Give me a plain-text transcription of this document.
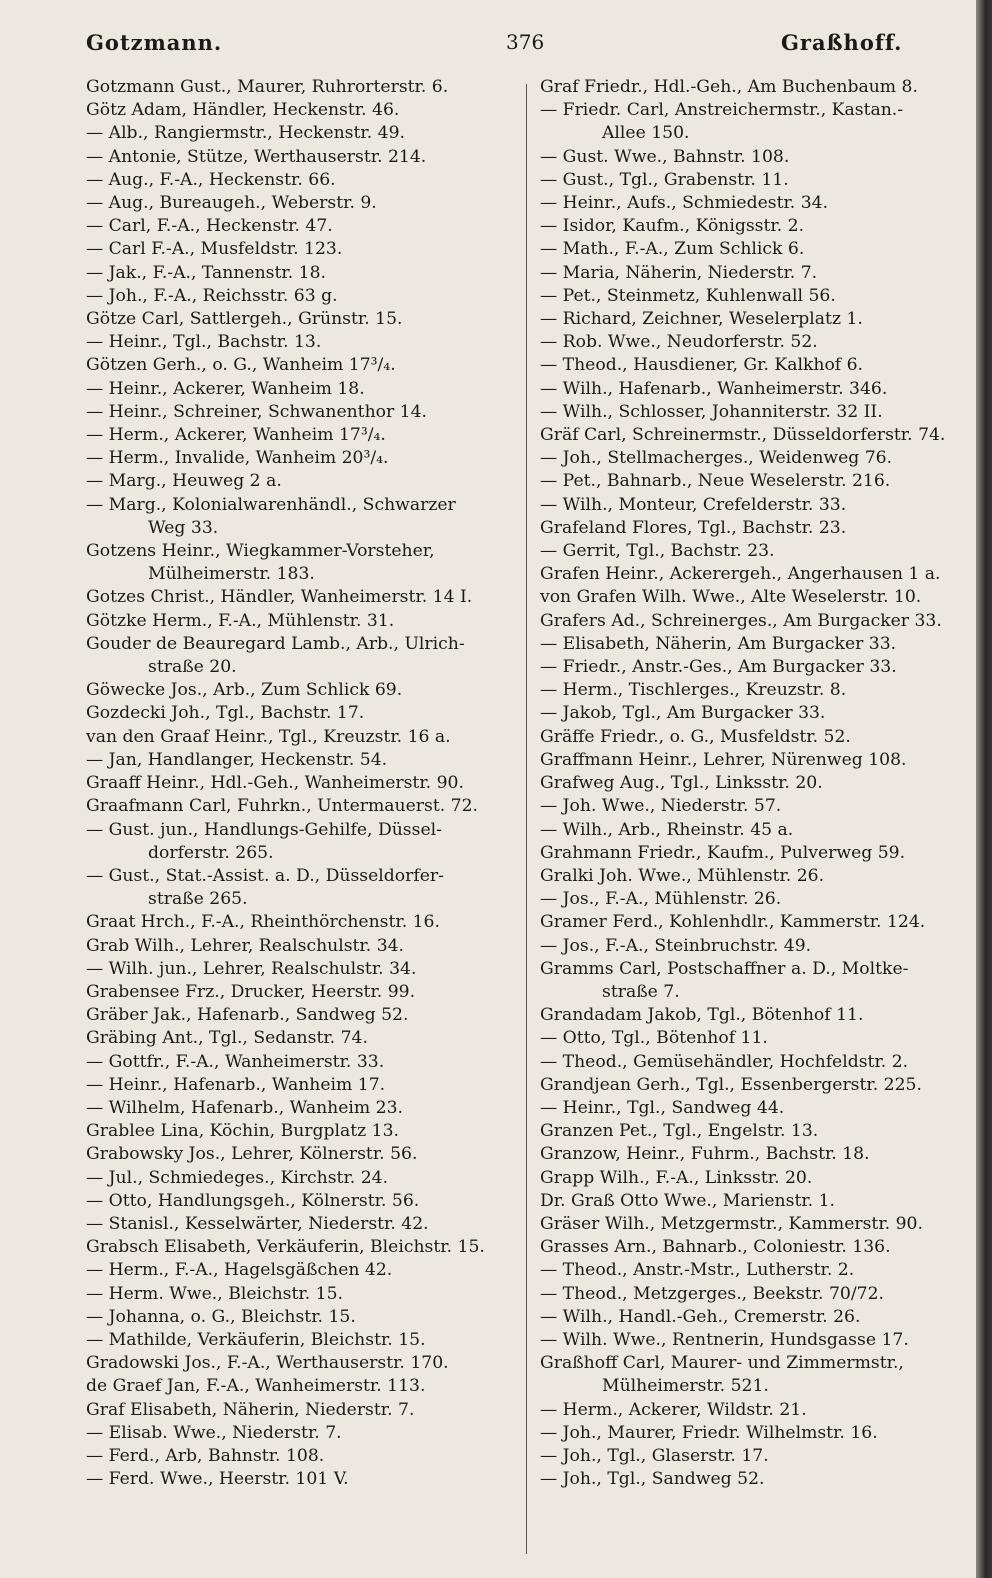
Gotzmann.	376	Graßhoff.
Gotzmann Gust., Maurer, Ruhrorterstr. 6.
Götz Adam, Händler, Heckenstr. 46.
— Alb., Rangiermstr., Heckenstr. 49.
— Antonie, Stütze, Werthauserstr. 214.
— Aug., F.-A., Heckenstr. 66.
— Aug., Bureaugeh., Weberstr. 9.
— Carl, F.-A., Heckenstr. 47.
— Carl F.-A., Musfeldstr. 123.
— Jak., F.-A., Tannenstr. 18.
— Joh., F.-A., Reichsstr. 63 g.
Götze Carl, Sattlergeh., Grünstr. 15.
— Heinr., Tgl., Bachstr. 13.
Götzen Gerh., o. G., Wanheim 17³/₄.
— Heinr., Ackerer, Wanheim 18.
— Heinr., Schreiner, Schwanenthor 14.
— Herm., Ackerer, Wanheim 17³/₄.
— Herm., Invalide, Wanheim 20³/₄.
— Marg., Heuweg 2 a.
— Marg., Kolonialwarenhändl., Schwarzer
Weg 33.
Gotzens Heinr., Wiegkammer-Vorsteher,
Mülheimerstr. 183.
Gotzes Christ., Händler, Wanheimerstr. 14 I.
Götzke Herm., F.-A., Mühlenstr. 31.
Gouder de Beauregard Lamb., Arb., Ulrich-
straße 20.
Göwecke Jos., Arb., Zum Schlick 69.
Gozdecki Joh., Tgl., Bachstr. 17.
van den Graaf Heinr., Tgl., Kreuzstr. 16 a.
— Jan, Handlanger, Heckenstr. 54.
Graaff Heinr., Hdl.-Geh., Wanheimerstr. 90.
Graafmann Carl, Fuhrkn., Untermauerst. 72.
— Gust. jun., Handlungs-Gehilfe, Düssel-
dorferstr. 265.
— Gust., Stat.-Assist. a. D., Düsseldorfer-
straße 265.
Graat Hrch., F.-A., Rheinthörchenstr. 16.
Grab Wilh., Lehrer, Realschulstr. 34.
— Wilh. jun., Lehrer, Realschulstr. 34.
Grabensee Frz., Drucker, Heerstr. 99.
Gräber Jak., Hafenarb., Sandweg 52.
Gräbing Ant., Tgl., Sedanstr. 74.
— Gottfr., F.-A., Wanheimerstr. 33.
— Heinr., Hafenarb., Wanheim 17.
— Wilhelm, Hafenarb., Wanheim 23.
Grablee Lina, Köchin, Burgplatz 13.
Grabowsky Jos., Lehrer, Kölnerstr. 56.
— Jul., Schmiedeges., Kirchstr. 24.
— Otto, Handlungsgeh., Kölnerstr. 56.
— Stanisl., Kesselwärter, Niederstr. 42.
Grabsch Elisabeth, Verkäuferin, Bleichstr. 15.
— Herm., F.-A., Hagelsgäßchen 42.
— Herm. Wwe., Bleichstr. 15.
— Johanna, o. G., Bleichstr. 15.
— Mathilde, Verkäuferin, Bleichstr. 15.
Gradowski Jos., F.-A., Werthauserstr. 170.
de Graef Jan, F.-A., Wanheimerstr. 113.
Graf Elisabeth, Näherin, Niederstr. 7.
— Elisab. Wwe., Niederstr. 7.
— Ferd., Arb, Bahnstr. 108.
— Ferd. Wwe., Heerstr. 101 V.
Graf Friedr., Hdl.-Geh., Am Buchenbaum 8.
— Friedr. Carl, Anstreichermstr., Kastan.-
Allee 150.
— Gust. Wwe., Bahnstr. 108.
— Gust., Tgl., Grabenstr. 11.
— Heinr., Aufs., Schmiedestr. 34.
— Isidor, Kaufm., Königsstr. 2.
— Math., F.-A., Zum Schlick 6.
— Maria, Näherin, Niederstr. 7.
— Pet., Steinmetz, Kuhlenwall 56.
— Richard, Zeichner, Weselerplatz 1.
— Rob. Wwe., Neudorferstr. 52.
— Theod., Hausdiener, Gr. Kalkhof 6.
— Wilh., Hafenarb., Wanheimerstr. 346.
— Wilh., Schlosser, Johanniterstr. 32 II.
Gräf Carl, Schreinermstr., Düsseldorferstr. 74.
— Joh., Stellmacherges., Weidenweg 76.
— Pet., Bahnarb., Neue Weselerstr. 216.
— Wilh., Monteur, Crefelderstr. 33.
Grafeland Flores, Tgl., Bachstr. 23.
— Gerrit, Tgl., Bachstr. 23.
Grafen Heinr., Ackerergeh., Angerhausen 1 a.
von Grafen Wilh. Wwe., Alte Weselerstr. 10.
Grafers Ad., Schreinerges., Am Burgacker 33.
— Elisabeth, Näherin, Am Burgacker 33.
— Friedr., Anstr.-Ges., Am Burgacker 33.
— Herm., Tischlerges., Kreuzstr. 8.
— Jakob, Tgl., Am Burgacker 33.
Gräffe Friedr., o. G., Musfeldstr. 52.
Graffmann Heinr., Lehrer, Nürenweg 108.
Grafweg Aug., Tgl., Linksstr. 20.
— Joh. Wwe., Niederstr. 57.
— Wilh., Arb., Rheinstr. 45 a.
Grahmann Friedr., Kaufm., Pulverweg 59.
Gralki Joh. Wwe., Mühlenstr. 26.
— Jos., F.-A., Mühlenstr. 26.
Gramer Ferd., Kohlenhdlr., Kammerstr. 124.
— Jos., F.-A., Steinbruchstr. 49.
Gramms Carl, Postschaffner a. D., Moltke-
straße 7.
Grandadam Jakob, Tgl., Bötenhof 11.
— Otto, Tgl., Bötenhof 11.
— Theod., Gemüsehändler, Hochfeldstr. 2.
Grandjean Gerh., Tgl., Essenbergerstr. 225.
— Heinr., Tgl., Sandweg 44.
Granzen Pet., Tgl., Engelstr. 13.
Granzow, Heinr., Fuhrm., Bachstr. 18.
Grapp Wilh., F.-A., Linksstr. 20.
Dr. Graß Otto Wwe., Marienstr. 1.
Gräser Wilh., Metzgermstr., Kammerstr. 90.
Grasses Arn., Bahnarb., Coloniestr. 136.
— Theod., Anstr.-Mstr., Lutherstr. 2.
— Theod., Metzgerges., Beekstr. 70/72.
— Wilh., Handl.-Geh., Cremerstr. 26.
— Wilh. Wwe., Rentnerin, Hundsgasse 17.
Graßhoff Carl, Maurer- und Zimmermstr.,
Mülheimerstr. 521.
— Herm., Ackerer, Wildstr. 21.
— Joh., Maurer, Friedr. Wilhelmstr. 16.
— Joh., Tgl., Glaserstr. 17.
— Joh., Tgl., Sandweg 52.
